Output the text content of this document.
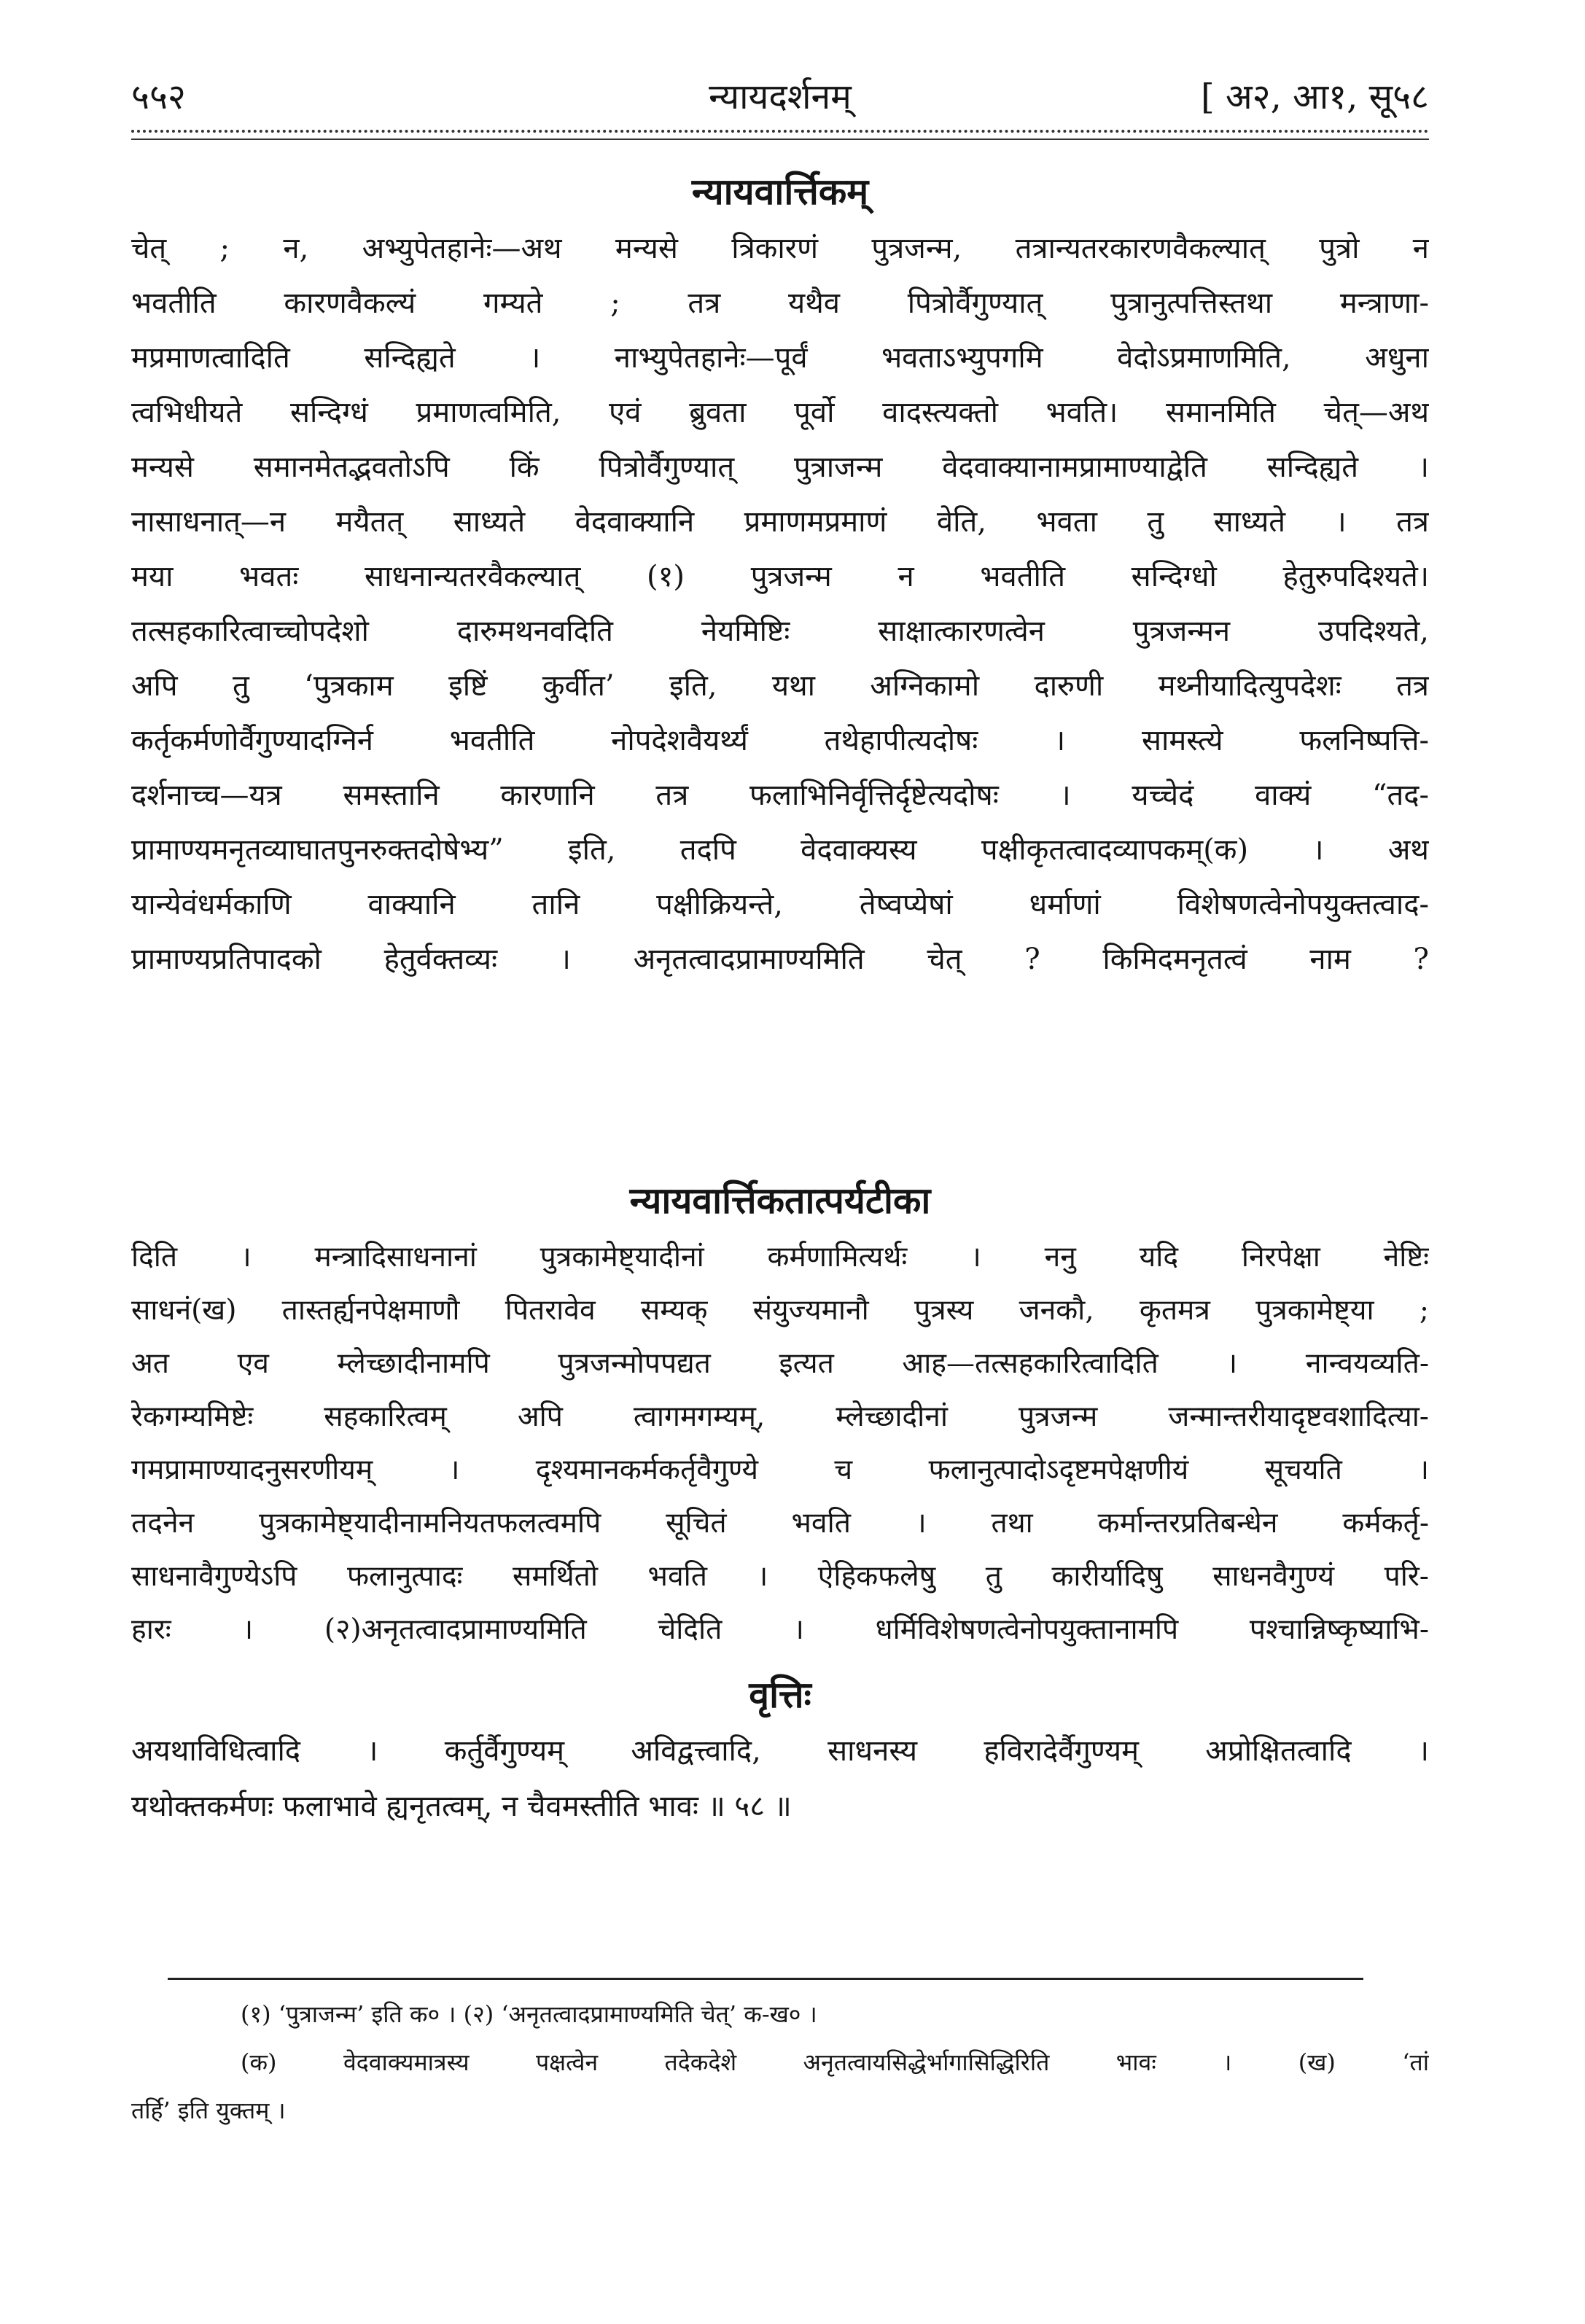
५५२	न्यायदर्शनम्	[ अ२, आ१, सू५८
न्यायवार्त्तिकम्
चेत् ; न, अभ्युपेतहानेः—अथ मन्यसे त्रिकारणं पुत्रजन्म, तत्रान्यतरकारणवैकल्यात् पुत्रो न
भवतीति कारणवैकल्यं गम्यते ; तत्र यथैव पित्रोर्वैगुण्यात् पुत्रानुत्पत्तिस्तथा मन्त्राणा-
मप्रमाणत्वादिति सन्दिह्यते । नाभ्युपेतहानेः—पूर्वं भवताऽभ्युपगमि वेदोऽप्रमाणमिति, अधुना
त्वभिधीयते सन्दिग्धं प्रमाणत्वमिति, एवं ब्रुवता पूर्वो वादस्त्यक्तो भवति। समानमिति चेत्—अथ
मन्यसे समानमेतद्भवतोऽपि किं पित्रोर्वैगुण्यात् पुत्राजन्म वेदवाक्यानामप्रामाण्याद्वेति सन्दिह्यते ।
नासाधनात्—न मयैतत् साध्यते वेदवाक्यानि प्रमाणमप्रमाणं वेति, भवता तु साध्यते । तत्र
मया भवतः साधनान्यतरवैकल्यात् (१) पुत्रजन्म न भवतीति सन्दिग्धो हेतुरुपदिश्यते।
तत्सहकारित्वाच्चोपदेशो दारुमथनवदिति नेयमिष्टिः साक्षात्कारणत्वेन पुत्रजन्मन उपदिश्यते,
अपि तु ‘पुत्रकाम इष्टिं कुर्वीत’ इति, यथा अग्निकामो दारुणी मथ्नीयादित्युपदेशः तत्र
कर्तृकर्मणोर्वैगुण्यादग्निर्न भवतीति नोपदेशवैयर्थ्यं तथेहापीत्यदोषः । सामस्त्ये फलनिष्पत्ति-
दर्शनाच्च—यत्र समस्तानि कारणानि तत्र फलाभिनिर्वृत्तिर्दृष्टेत्यदोषः । यच्चेदं वाक्यं “तद-
प्रामाण्यमनृतव्याघातपुनरुक्तदोषेभ्य” इति, तदपि वेदवाक्यस्य पक्षीकृतत्वादव्यापकम्(क) । अथ
यान्येवंधर्मकाणि वाक्यानि तानि पक्षीक्रियन्ते, तेष्वप्येषां धर्माणां विशेषणत्वेनोपयुक्तत्वाद-
प्रामाण्यप्रतिपादको हेतुर्वक्तव्यः । अनृतत्वादप्रामाण्यमिति चेत् ? किमिदमनृतत्वं नाम ?
न्यायवार्त्तिकतात्पर्यटीका
दिति । मन्त्रादिसाधनानां पुत्रकामेष्ट्यादीनां कर्मणामित्यर्थः । ननु यदि निरपेक्षा नेष्टिः
साधनं(ख) तास्तर्ह्यनपेक्षमाणौ पितरावेव सम्यक् संयुज्यमानौ पुत्रस्य जनकौ, कृतमत्र पुत्रकामेष्ट्या ;
अत एव म्लेच्छादीनामपि पुत्रजन्मोपपद्यत इत्यत आह—तत्सहकारित्वादिति । नान्वयव्यति-
रेकगम्यमिष्टेः सहकारित्वम् अपि त्वागमगम्यम्, म्लेच्छादीनां पुत्रजन्म जन्मान्तरीयादृष्टवशादित्या-
गमप्रामाण्यादनुसरणीयम् । दृश्यमानकर्मकर्तृवैगुण्ये च फलानुत्पादोऽदृष्टमपेक्षणीयं सूचयति ।
तदनेन पुत्रकामेष्ट्यादीनामनियतफलत्वमपि सूचितं भवति । तथा कर्मान्तरप्रतिबन्धेन कर्मकर्तृ-
साधनावैगुण्येऽपि फलानुत्पादः समर्थितो भवति । ऐहिकफलेषु तु कारीर्यादिषु साधनवैगुण्यं परि-
हारः । (२)अनृतत्वादप्रामाण्यमिति चेदिति । धर्मिविशेषणत्वेनोपयुक्तानामपि पश्चान्निष्कृष्याभि-
वृत्तिः
अयथाविधित्वादि । कर्तुर्वैगुण्यम् अविद्वत्त्वादि, साधनस्य हविरादेर्वैगुण्यम् अप्रोक्षितत्वादि ।
यथोक्तकर्मणः फलाभावे ह्यनृतत्वम्, न चैवमस्तीति भावः ॥ ५८ ॥
(१) ‘पुत्राजन्म’ इति क० । (२) ‘अनृतत्वादप्रामाण्यमिति चेत्’ क-ख० ।
(क) वेदवाक्यमात्रस्य पक्षत्वेन तदेकदेशे अनृतत्वायसिद्धेर्भागासिद्धिरिति भावः । (ख) ‘तां
तर्हि’ इति युक्तम् ।
